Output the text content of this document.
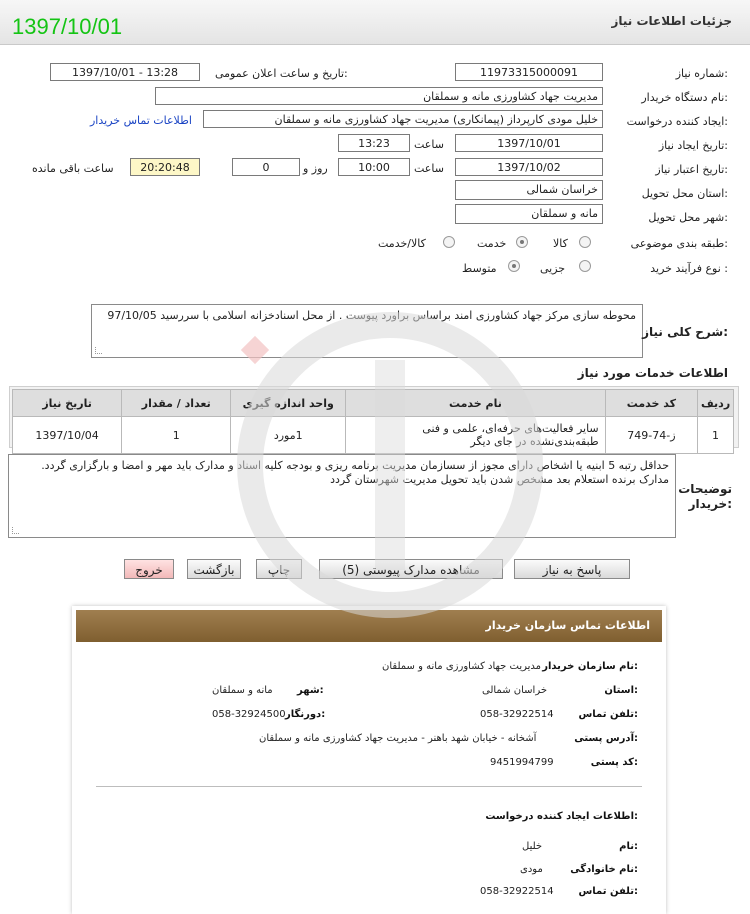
جزئیات اطلاعات نیاز
1397/10/01
شماره نیاز:
1197331500009​1
تاریخ و ساعت اعلان عمومی:
1397/10/01 - 13:28
نام دستگاه خریدار:
مدیریت جهاد کشاورزی مانه و سملقان
ایجاد کننده درخواست:
خلیل مودی کارپرداز (پیمانکاری) مدیریت جهاد کشاورزی مانه و سملقان
اطلاعات تماس خریدار
تاریخ ایجاد نیاز:
1397/10/01
ساعت
13:23
تاریخ اعتبار نیاز:
1397/10/02
ساعت
10:00
روز و
0
20:20:48
ساعت باقی مانده
استان محل تحویل:
خراسان شمالی
شهر محل تحویل:
مانه و سملقان
طبقه بندی موضوعی:
کالا
خدمت
کالا/خدمت
نوع فرآیند خرید :
جزیی
متوسط
محوطه سازی مرکز جهاد کشاورزی امند براساس براورد پیوست . از محل اسنادخزانه اسلامی با سررسید 97/10/05
شرح کلی نیاز:
اطلاعات خدمات مورد نیاز
ردیف	کد خدمت	نام خدمت	واحد اندازه گیری	تعداد / مقدار	تاریخ نیاز
1	ز-74-749	سایر فعالیت‌های حرفه‌ای، علمی و فنی طبقه‌بندی‌نشده در جای دیگر	1مورد	1	1397/10/04
حداقل رتبه 5 ابنیه یا اشخاص دارای مجوز از سسازمان مدیریت برنامه ریزی و بودجه کلیه اسناد و مدارک باید مهر و امضا و بارگزاری گردد. مدارک برنده استعلام بعد مشخص شدن باید تحویل مدیریت شهرستان گردد
توضیحات خریدار:
پاسخ به نیاز
مشاهده مدارک پیوستی (5)
چاپ
بازگشت
خروج
اطلاعات تماس سازمان خریدار
نام سازمان خریدار:
مدیریت جهاد کشاورزی مانه و سملقان
استان:
خراسان شمالی
شهر:
مانه و سملقان
تلفن تماس:
058-32922514
دورنگار:
058-32924500
آدرس پستی:
آشخانه - خیابان شهد باهنر - مدیریت جهاد کشاورزی مانه و سملقان
کد پستی:
9451994799
اطلاعات ایجاد کننده درخواست:
نام:
خلیل
نام خانوادگی:
مودی
تلفن تماس:
058-32922514
